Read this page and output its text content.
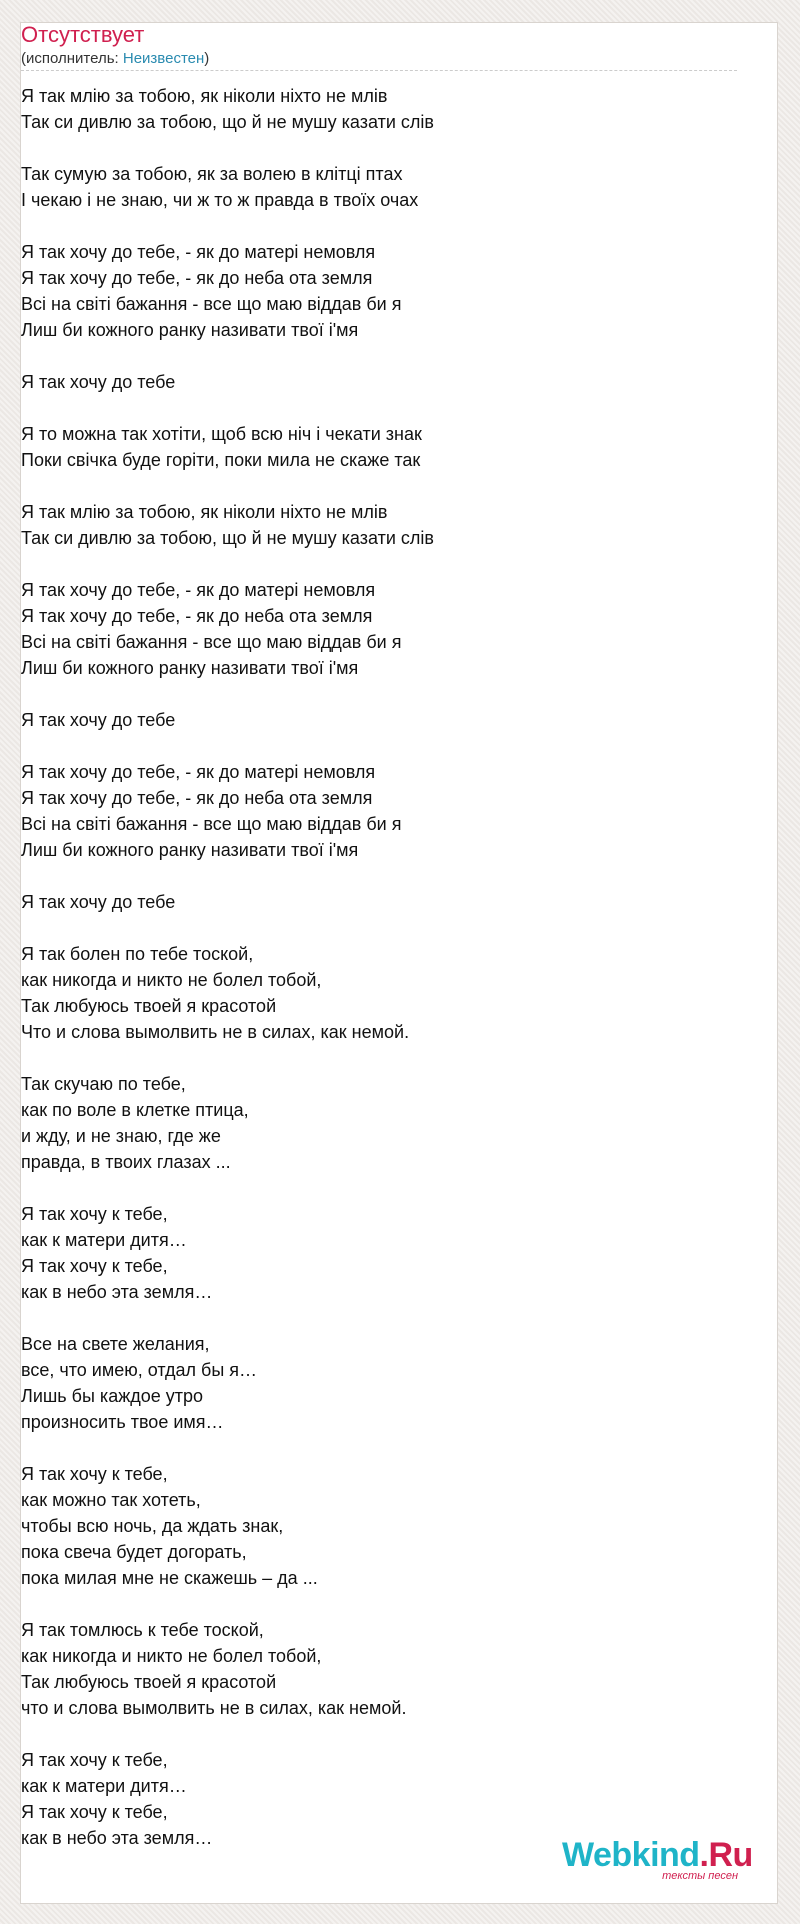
Отсутствует
(исполнитель: Неизвестен)
Я так млію за тобою, як ніколи ніхто не млів
Так си дивлю за тобою, що й не мушу казати слів
Так сумую за тобою, як за волею в клітці птах
І чекаю і не знаю, чи ж то ж правда в твоїх очах
Я так хочу до тебе, - як до матері немовля
Я так хочу до тебе, - як до неба ота земля
Всі на світі бажання - все що маю віддав би я
Лиш би кожного ранку називати твої і'мя
Я так хочу до тебе
Я то можна так хотіти, щоб всю ніч і чекати знак
Поки свічка буде горіти, поки мила не скаже так
Я так млію за тобою, як ніколи ніхто не млів
Так си дивлю за тобою, що й не мушу казати слів
Я так хочу до тебе, - як до матері немовля
Я так хочу до тебе, - як до неба ота земля
Всі на світі бажання - все що маю віддав би я
Лиш би кожного ранку називати твої і'мя
Я так хочу до тебе
Я так хочу до тебе, - як до матері немовля
Я так хочу до тебе, - як до неба ота земля
Всі на світі бажання - все що маю віддав би я
Лиш би кожного ранку називати твої і'мя
Я так хочу до тебе
Я так болен по тебе тоской,
как никогда и никто не болел тобой,
Так любуюсь твоей я красотой
Что и слова вымолвить не в силах, как немой.
Так скучаю по тебе,
как по воле в клетке птица,
и жду, и не знаю, где же
правда, в твоих глазах ...
Я так хочу к тебе,
как к матери дитя…
Я так хочу к тебе,
как в небо эта земля…
Все на свете желания,
все, что имею, отдал бы я…
Лишь бы каждое утро
произносить твое имя…
Я так хочу к тебе,
как можно так хотеть,
чтобы всю ночь, да ждать знак,
пока свеча будет догорать,
пока милая мне не скажешь – да ...
Я так томлюсь к тебе тоской,
как никогда и никто не болел тобой,
Так любуюсь твоей я красотой
что и слова вымолвить не в силах, как немой.
Я так хочу к тебе,
как к матери дитя…
Я так хочу к тебе,
как в небо эта земля…	Webkind.Ru
тексты песен
